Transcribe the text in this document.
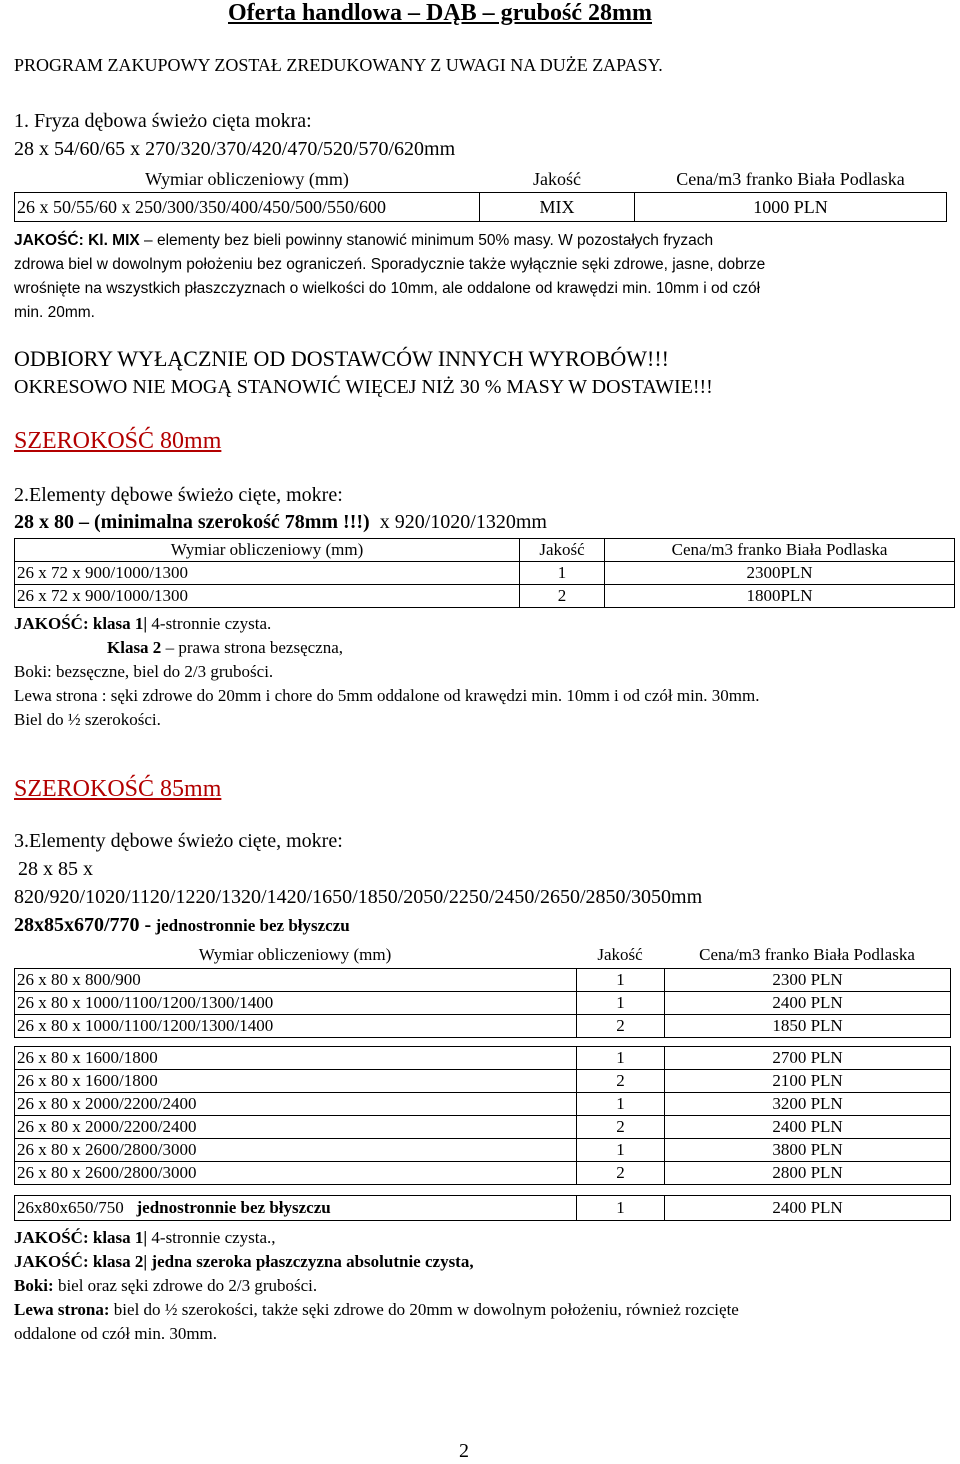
Oferta handlowa – DĄB – grubość 28mm
PROGRAM ZAKUPOWY ZOSTAŁ ZREDUKOWANY Z UWAGI NA DUŻE ZAPASY.
1. Fryza dębowa świeżo cięta mokra:
28 x 54/60/65 x 270/320/370/420/470/520/570/620mm
Wymiar obliczeniowy (mm)	Jakość	Cena/m3 franko Biała Podlaska
26 x 50/55/60 x 250/300/350/400/450/500/550/600	MIX	1000 PLN
JAKOŚĆ: Kl. MIX – elementy bez bieli powinny stanowić minimum 50% masy. W pozostałych fryzach
zdrowa biel w dowolnym położeniu bez ograniczeń. Sporadycznie także wyłącznie sęki zdrowe, jasne, dobrze
wrośnięte na wszystkich płaszczyznach o wielkości do 10mm, ale oddalone od krawędzi min. 10mm i od czół
min. 20mm.
ODBIORY WYŁĄCZNIE OD DOSTAWCÓW INNYCH WYROBÓW!!!
OKRESOWO NIE MOGĄ STANOWIĆ WIĘCEJ NIŻ 30 % MASY W DOSTAWIE!!!
SZEROKOŚĆ 80mm
2.Elementy dębowe świeżo cięte, mokre:
28 x 80 – (minimalna szerokość 78mm !!!) x 920/1020/1320mm
Wymiar obliczeniowy (mm)	Jakość	Cena/m3 franko Biała Podlaska
26 x 72 x 900/1000/1300	1	2300PLN
26 x 72 x 900/1000/1300	2	1800PLN
JAKOŚĆ: klasa 1| 4-stronnie czysta.
Klasa 2 – prawa strona bezsęczna,
Boki: bezsęczne, biel do 2/3 grubości.
Lewa strona : sęki zdrowe do 20mm i chore do 5mm oddalone od krawędzi min. 10mm i od czół min. 30mm.
Biel do ½ szerokości.
SZEROKOŚĆ 85mm
3.Elementy dębowe świeżo cięte, mokre:
28 x 85 x
820/920/1020/1120/1220/1320/1420/1650/1850/2050/2250/2450/2650/2850/3050mm
28x85x670/770 - jednostronnie bez błyszczu
Wymiar obliczeniowy (mm)	Jakość	Cena/m3 franko Biała Podlaska
26 x 80 x 800/900	1	2300 PLN
26 x 80 x 1000/1100/1200/1300/1400	1	2400 PLN
26 x 80 x 1000/1100/1200/1300/1400	2	1850 PLN
26 x 80 x 1600/1800	1	2700 PLN
26 x 80 x 1600/1800	2	2100 PLN
26 x 80 x 2000/2200/2400	1	3200 PLN
26 x 80 x 2000/2200/2400	2	2400 PLN
26 x 80 x 2600/2800/3000	1	3800 PLN
26 x 80 x 2600/2800/3000	2	2800 PLN
26x80x650/750 jednostronnie bez błyszczu	1	2400 PLN
JAKOŚĆ: klasa 1| 4-stronnie czysta.,
JAKOŚĆ: klasa 2| jedna szeroka płaszczyzna absolutnie czysta,
Boki: biel oraz sęki zdrowe do 2/3 grubości.
Lewa strona: biel do ½ szerokości, także sęki zdrowe do 20mm w dowolnym położeniu, również rozcięte
oddalone od czół min. 30mm.
2
